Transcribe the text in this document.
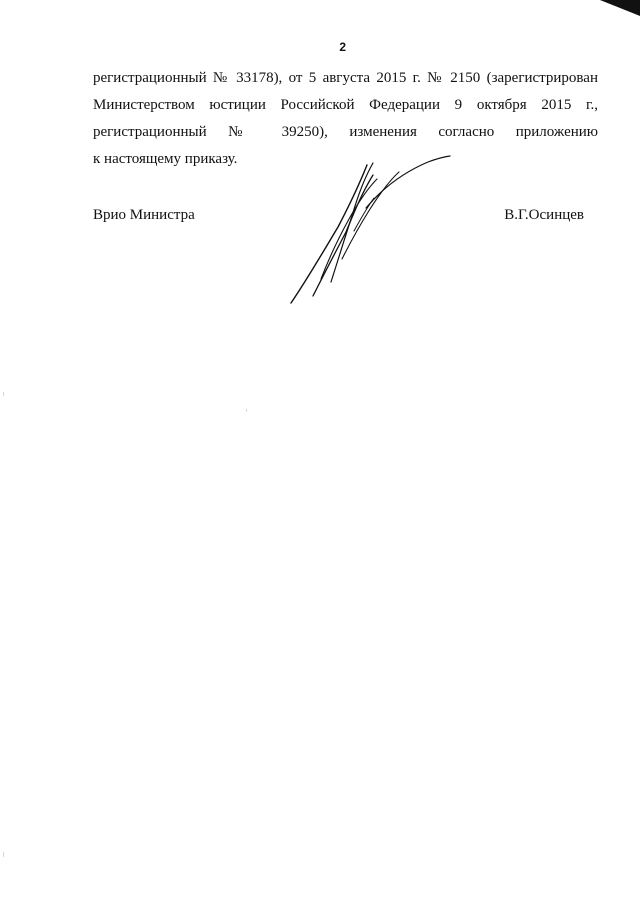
2
регистрационный № 33178), от 5 августа 2015 г. № 2150 (зарегистрирован
Министерством юстиции Российской Федерации 9 октября 2015 г.,
регистрационный № 39250), изменения согласно приложению
к настоящему приказу.
Врио Министра	В.Г.Осинцев
